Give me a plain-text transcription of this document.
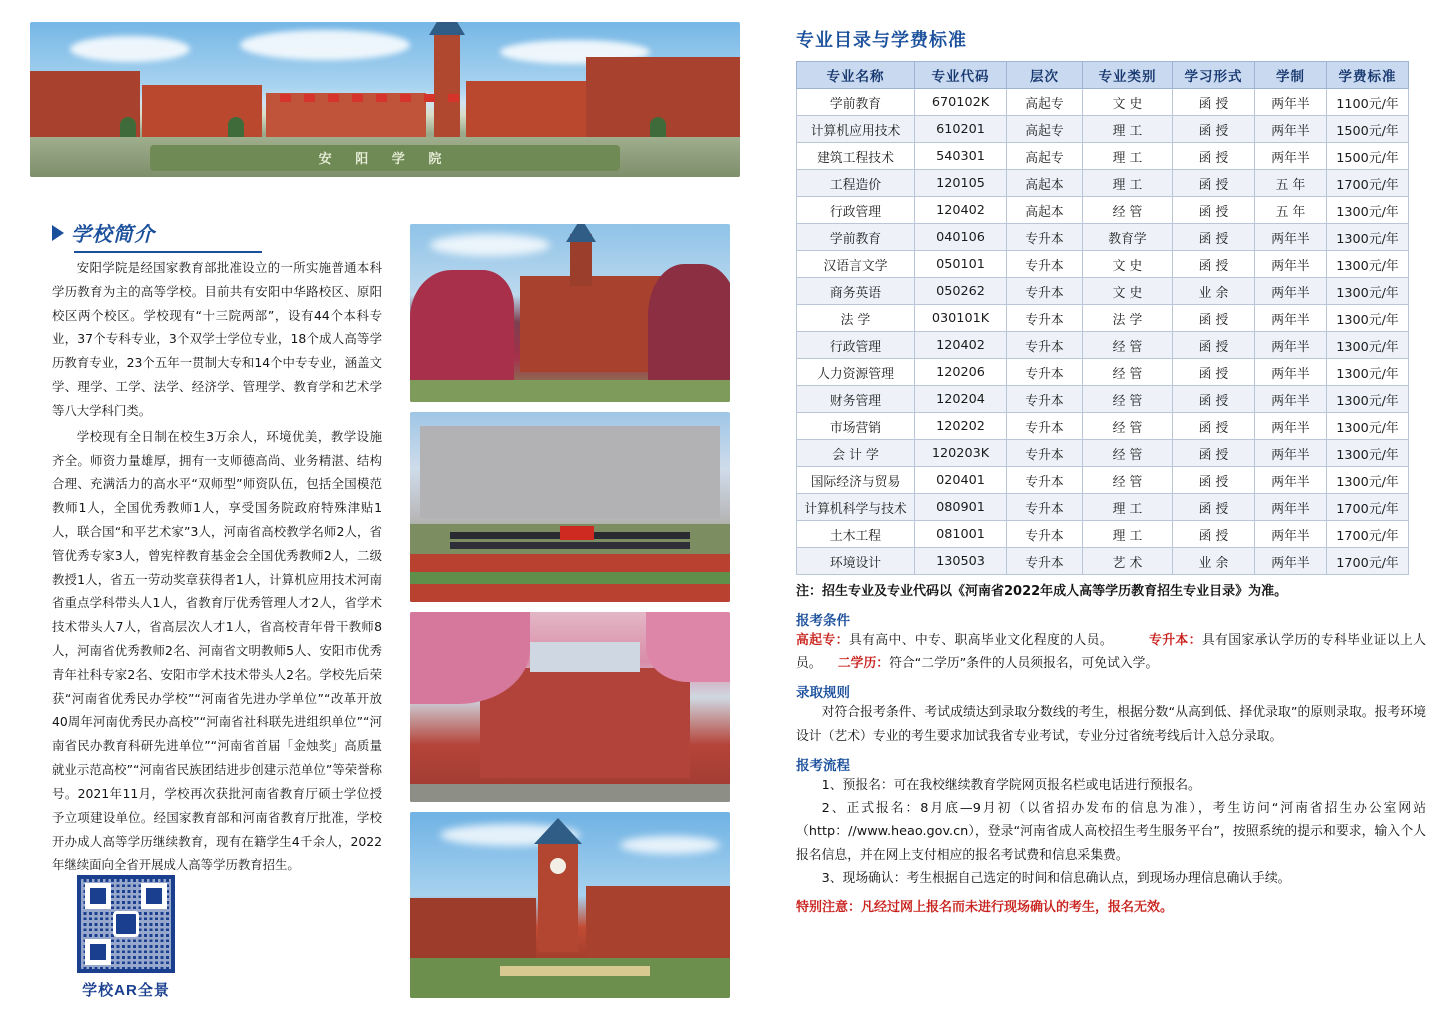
安 阳 学 院
学校简介

安阳学院是经国家教育部批准设立的一所实施普通本科学历教育为主的高等学校。目前共有安阳中华路校区、原阳校区两个校区。学校现有“十三院两部”，设有44个本科专业，37个专科专业，3个双学士学位专业，18个成人高等学历教育专业，23个五年一贯制大专和14个中专专业，涵盖文学、理学、工学、法学、经济学、管理学、教育学和艺术学等八大学科门类。

学校现有全日制在校生3万余人，环境优美，教学设施齐全。师资力量雄厚，拥有一支师德高尚、业务精湛、结构合理、充满活力的高水平“双师型”师资队伍，包括全国模范教师1人，全国优秀教师1人，享受国务院政府特殊津贴1人，联合国“和平艺术家”3人，河南省高校教学名师2人，省管优秀专家3人，曾宪梓教育基金会全国优秀教师2人，二级教授1人，省五一劳动奖章获得者1人，计算机应用技术河南省重点学科带头人1人，省教育厅优秀管理人才2人，省学术技术带头人7人，省高层次人才1人，省高校青年骨干教师8人，河南省优秀教师2名、河南省文明教师5人、安阳市优秀青年社科专家2名、安阳市学术技术带头人2名。学校先后荣获“河南省优秀民办学校”“河南省先进办学单位”“改革开放40周年河南优秀民办高校”“河南省社科联先进组织单位”“河南省民办教育科研先进单位”“河南省首届「金烛奖」高质量就业示范高校”“河南省民族团结进步创建示范单位”等荣誉称号。2021年11月，学校再次获批河南省教育厅硕士学位授予立项建设单位。经国家教育部和河南省教育厅批准，学校开办成人高等学历继续教育，现有在籍学生4千余人，2022年继续面向全省开展成人高等学历教育招生。

学校AR全景
专业目录与学费标准
专业名称	专业代码	层次	专业类别	学习形式	学制	学费标准
学前教育	670102K	高起专	文 史	函 授	两年半	1100元/年
计算机应用技术	610201	高起专	理 工	函 授	两年半	1500元/年
建筑工程技术	540301	高起专	理 工	函 授	两年半	1500元/年
工程造价	120105	高起本	理 工	函 授	五 年	1700元/年
行政管理	120402	高起本	经 管	函 授	五 年	1300元/年
学前教育	040106	专升本	教育学	函 授	两年半	1300元/年
汉语言文学	050101	专升本	文 史	函 授	两年半	1300元/年
商务英语	050262	专升本	文 史	业 余	两年半	1300元/年
法 学	030101K	专升本	法 学	函 授	两年半	1300元/年
行政管理	120402	专升本	经 管	函 授	两年半	1300元/年
人力资源管理	120206	专升本	经 管	函 授	两年半	1300元/年
财务管理	120204	专升本	经 管	函 授	两年半	1300元/年
市场营销	120202	专升本	经 管	函 授	两年半	1300元/年
会 计 学	120203K	专升本	经 管	函 授	两年半	1300元/年
国际经济与贸易	020401	专升本	经 管	函 授	两年半	1300元/年
计算机科学与技术	080901	专升本	理 工	函 授	两年半	1700元/年
土木工程	081001	专升本	理 工	函 授	两年半	1700元/年
环境设计	130503	专升本	艺 术	业 余	两年半	1700元/年
注：招生专业及专业代码以《河南省2022年成人高等学历教育招生专业目录》为准。
报考条件
高起专：具有高中、中专、职高毕业文化程度的人员。	专升本：具有国家承认学历的专科毕业证以上人员。 二学历：符合“二学历”条件的人员须报名，可免试入学。
录取规则
对符合报考条件、考试成绩达到录取分数线的考生，根据分数“从高到低、择优录取”的原则录取。报考环境设计（艺术）专业的考生要求加试我省专业考试，专业分过省统考线后计入总分录取。
报考流程
1、预报名：可在我校继续教育学院网页报名栏或电话进行预报名。
2、正式报名：8月底—9月初（以省招办发布的信息为准），考生访问“河南省招生办公室网站（http：//www.heao.gov.cn），登录“河南省成人高校招生考生服务平台”，按照系统的提示和要求，输入个人报名信息，并在网上支付相应的报名考试费和信息采集费。
3、现场确认：考生根据自己选定的时间和信息确认点，到现场办理信息确认手续。
特别注意：凡经过网上报名而未进行现场确认的考生，报名无效。
